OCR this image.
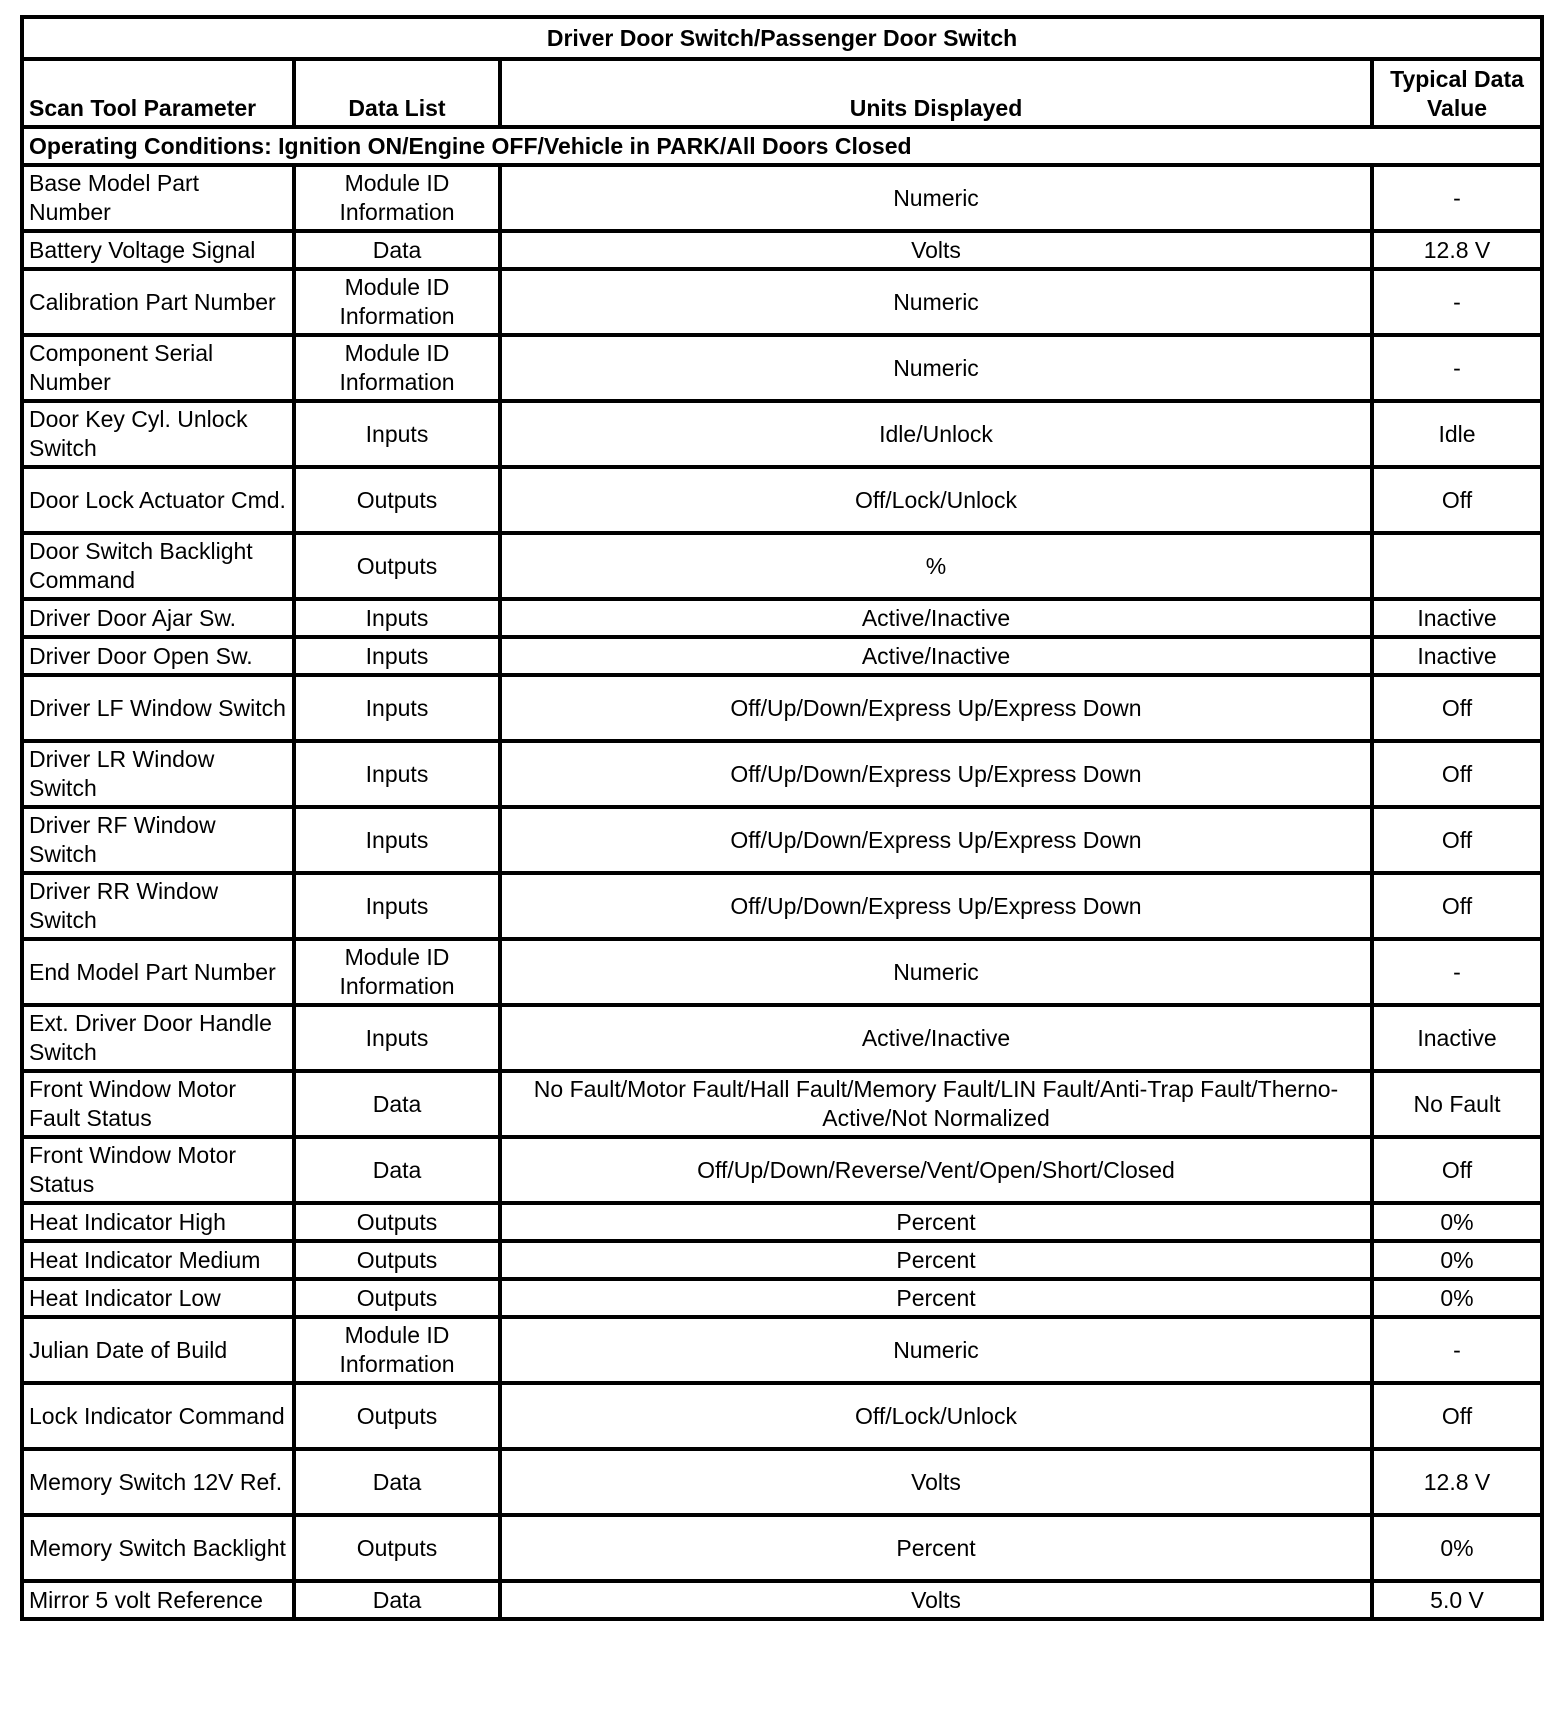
Driver Door Switch/Passenger Door Switch			
Scan Tool Parameter	Data List	Units Displayed	Typical Data
Value
Operating Conditions: Ignition ON/Engine OFF/Vehicle in PARK/All Doors Closed			
Base Model Part Number	Module ID Information	Numeric	-
Battery Voltage Signal	Data	Volts	12.8 V
Calibration Part Number	Module ID Information	Numeric	-
Component Serial Number	Module ID Information	Numeric	-
Door Key Cyl. Unlock Switch	Inputs	Idle/Unlock	Idle
Door Lock Actuator Cmd.	Outputs	Off/Lock/Unlock	Off
Door Switch Backlight Command	Outputs	%	
Driver Door Ajar Sw.	Inputs	Active/Inactive	Inactive
Driver Door Open Sw.	Inputs	Active/Inactive	Inactive
Driver LF Window Switch	Inputs	Off/Up/Down/Express Up/Express Down	Off
Driver LR Window Switch	Inputs	Off/Up/Down/Express Up/Express Down	Off
Driver RF Window Switch	Inputs	Off/Up/Down/Express Up/Express Down	Off
Driver RR Window Switch	Inputs	Off/Up/Down/Express Up/Express Down	Off
End Model Part Number	Module ID Information	Numeric	-
Ext. Driver Door Handle Switch	Inputs	Active/Inactive	Inactive
Front Window Motor Fault Status	Data	No Fault/Motor Fault/Hall Fault/Memory Fault/LIN Fault/Anti-Trap Fault/Therno-Active/Not Normalized	No Fault
Front Window Motor Status	Data	Off/Up/Down/Reverse/Vent/Open/Short/Closed	Off
Heat Indicator High	Outputs	Percent	0%
Heat Indicator Medium	Outputs	Percent	0%
Heat Indicator Low	Outputs	Percent	0%
Julian Date of Build	Module ID Information	Numeric	-
Lock Indicator Command	Outputs	Off/Lock/Unlock	Off
Memory Switch 12V Ref.	Data	Volts	12.8 V
Memory Switch Backlight	Outputs	Percent	0%
Mirror 5 volt Reference	Data	Volts	5.0 V
